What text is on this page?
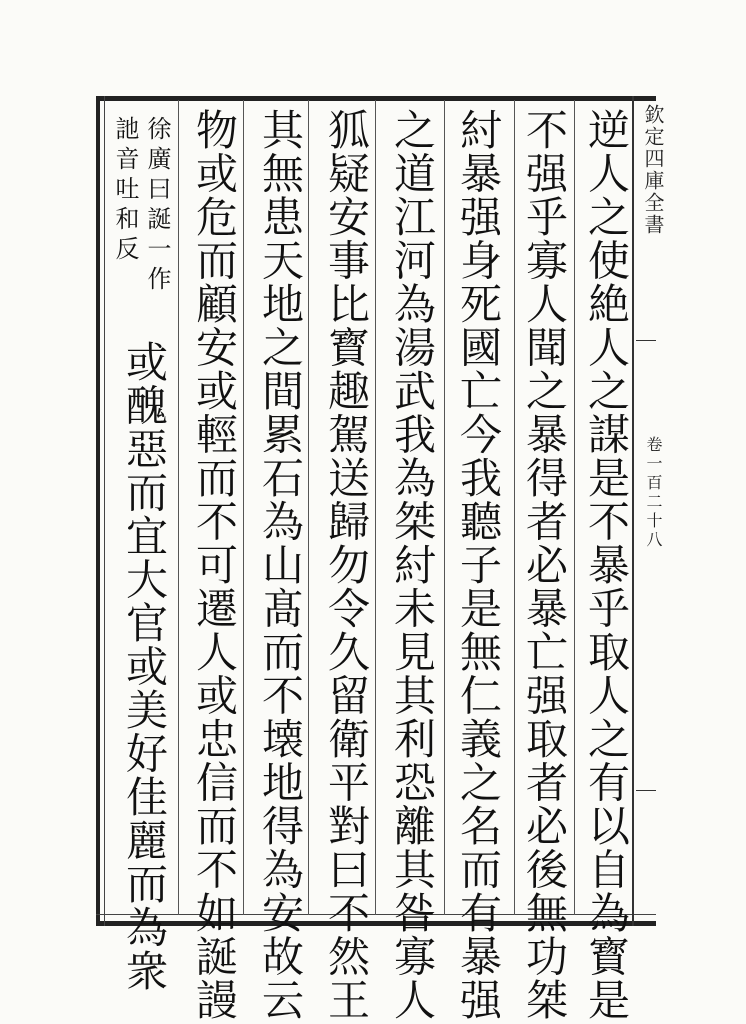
欽定四庫全書
卷一百二十八
逆人之使絶人之謀是不暴乎取人之有以自為寳是
不强乎寡人聞之暴得者必暴亡强取者必後無功桀
紂暴强身死國亡今我聽子是無仁義之名而有暴强
之道江河為湯武我為桀紂未見其利恐離其咎寡人
狐疑安事比寳趣駕送歸勿令久留衛平對曰不然王
其無患天地之間累石為山髙而不壊地得為安故云
物或危而顧安或輕而不可遷人或忠信而不如誕謾
徐廣曰誕一作
訑音吐和反
或醜惡而宜大官或美好佳麗而為衆
